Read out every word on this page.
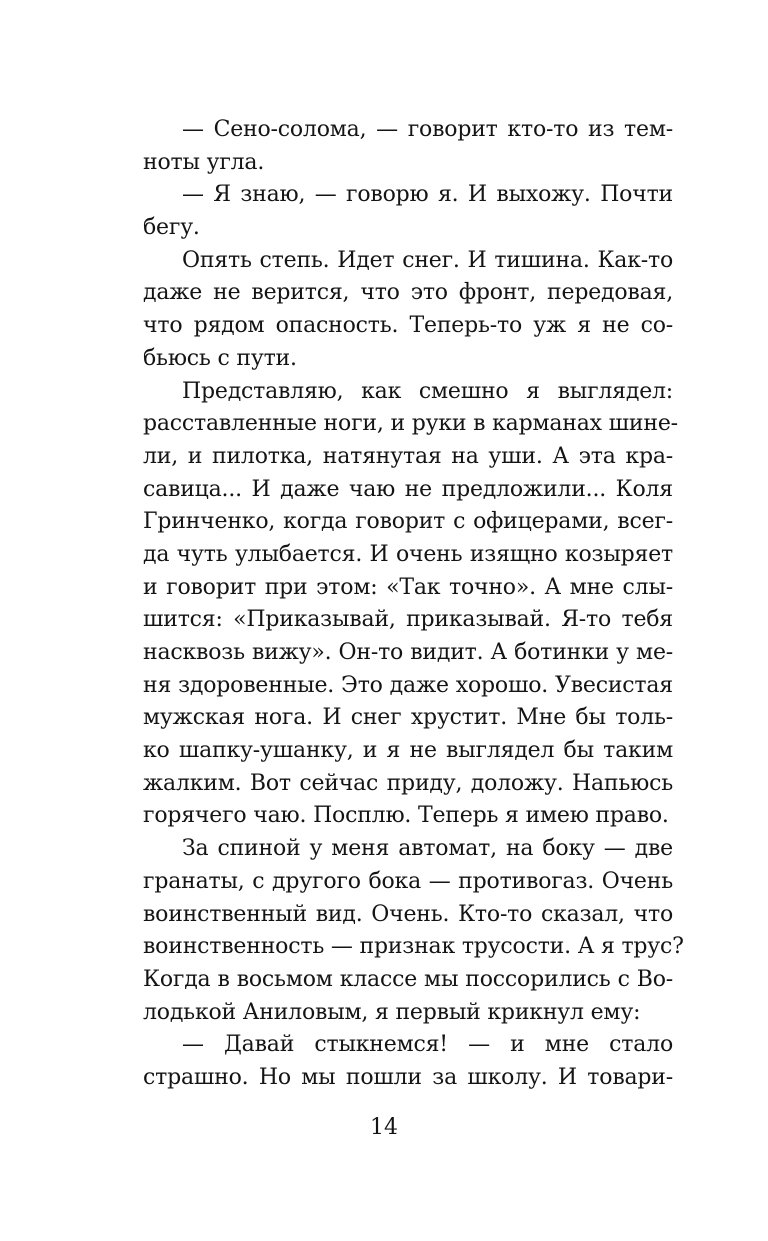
— Сено-солома, — говорит кто-то из тем-
ноты угла.
— Я знаю, — говорю я. И выхожу. Почти
бегу.
Опять степь. Идет снег. И тишина. Как-то
даже не верится, что это фронт, передовая,
что рядом опасность. Теперь-то уж я не со-
бьюсь с пути.
Представляю, как смешно я выглядел:
расставленные ноги, и руки в карманах шине-
ли, и пилотка, натянутая на уши. А эта кра-
савица... И даже чаю не предложили... Коля
Гринченко, когда говорит с офицерами, всег-
да чуть улыбается. И очень изящно козыряет
и говорит при этом: «Так точно». А мне слы-
шится: «Приказывай, приказывай. Я-то тебя
насквозь вижу». Он-то видит. А ботинки у ме-
ня здоровенные. Это даже хорошо. Увесистая
мужская нога. И снег хрустит. Мне бы толь-
ко шапку-ушанку, и я не выглядел бы таким
жалким. Вот сейчас приду, доложу. Напьюсь
горячего чаю. Посплю. Теперь я имею право.
За спиной у меня автомат, на боку — две
гранаты, с другого бока — противогаз. Очень
воинственный вид. Очень. Кто-то сказал, что
воинственность — признак трусости. А я трус?
Когда в восьмом классе мы поссорились с Во-
лодькой Аниловым, я первый крикнул ему:
— Давай стыкнемся! — и мне стало
страшно. Но мы пошли за школу. И товари-
14
